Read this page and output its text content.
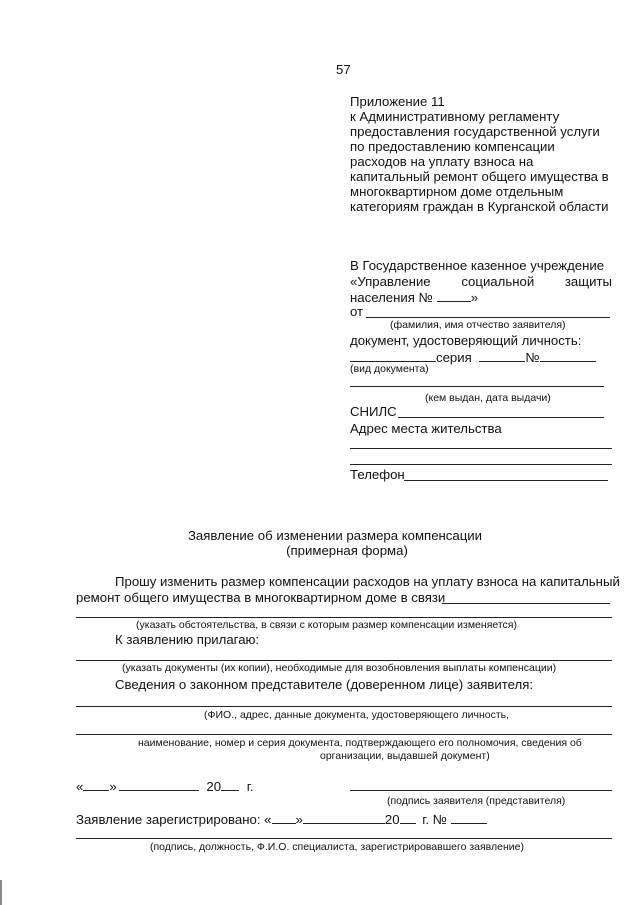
57
Приложение 11
к Административному регламенту
предоставления государственной услуги
по предоставлению компенсации
расходов на уплату взноса на
капитальный ремонт общего имущества в
многоквартирном доме отдельным
категориям граждан в Курганской области
В Государственное казенное учреждение
«Управление социальной защиты
населения №	»
от
(фамилия, имя отчество заявителя)
документ, удостоверяющий личность:
серия	№
(вид документа)
(кем выдан, дата выдачи)
СНИЛС
Адрес места жительства
Телефон
Заявление об изменении размера компенсации
(примерная форма)
Прошу изменить размер компенсации расходов на уплату взноса на капитальный
ремонт общего имущества в многоквартирном доме в связи
(указать обстоятельства, в связи с которым размер компенсации изменяется)
К заявлению прилагаю:
(указать документы (их копии), необходимые для возобновления выплаты компенсации)
Сведения о законном представителе (доверенном лице) заявителя:
(ФИО., адрес, данные документа, удостоверяющего личность,
наименование, номер и серия документа, подтверждающего его полномочия, сведения об
организации, выдавшей документ)
« »	20 г.
(подпись заявителя (представителя)
Заявление зарегистрировано: « »	20 г. №
(подпись, должность, Ф.И.О. специалиста, зарегистрировавшего заявление)
